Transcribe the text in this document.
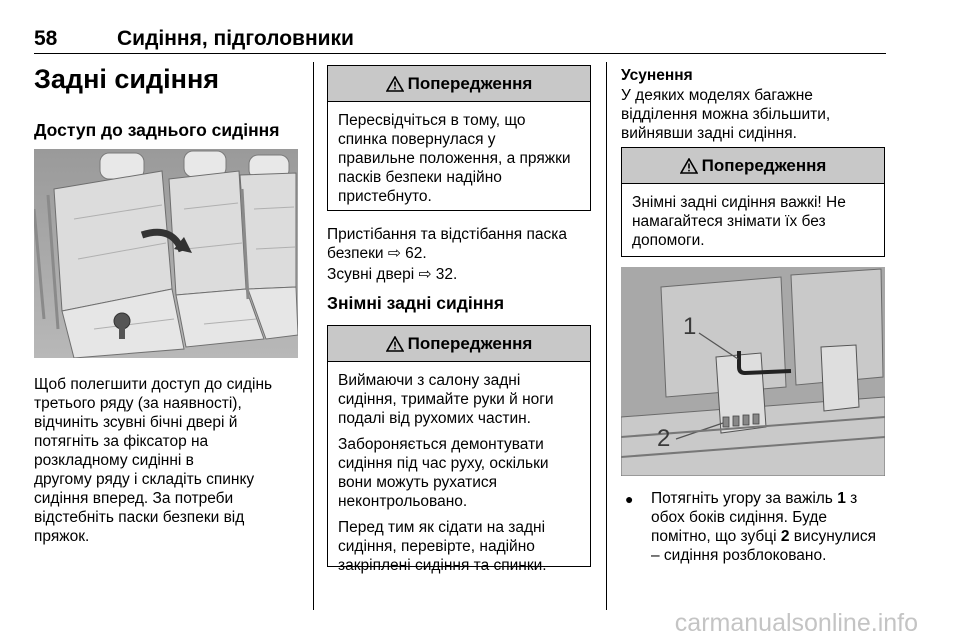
58	Сидіння, підголовники
Задні сидіння
Доступ до заднього сидіння
Щоб полегшити доступ до сидінь
третього ряду (за наявності),
відчиніть зсувні бічні двері й
потягніть за фіксатор на
розкладному сидінні в
другому ряду і складіть спинку
сидіння вперед. За потреби
відстебніть паски безпеки від
пряжок.
Попередження

Пересвідчіться в тому, що
спинка повернулася у
правильне положення, а пряжки
пасків безпеки надійно
пристебнуто.

Пристібання та відстібання паска
безпеки ⇨ 62.
Зсувні двері ⇨ 32.
Знімні задні сидіння
Попередження

Виймаючи з салону задні
сидіння, тримайте руки й ноги
подалі від рухомих частин.

Забороняється демонтувати
сидіння під час руху, оскільки
вони можуть рухатися
неконтрольовано.

Перед тим як сідати на задні
сидіння, перевірте, надійно
закріплені сидіння та спинки.

Усунення
У деяких моделях багажне
відділення можна збільшити,
вийнявши задні сидіння.
Попередження

Знімні задні сидіння важкі! Не
намагайтеся знімати їх без
допомоги.

1
2
● Потягніть угору за важіль 1 з
обох боків сидіння. Буде
помітно, що зубці 2 висунулися
– сидіння розблоковано.
carmanualsonline.info
